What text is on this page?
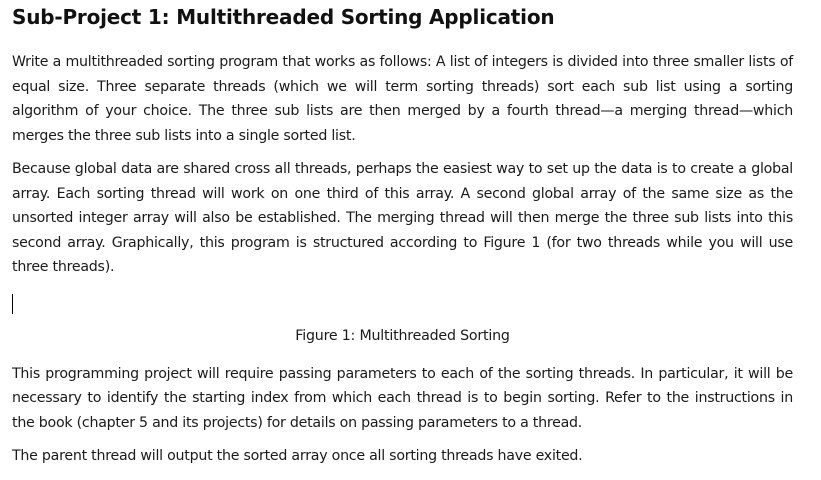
Sub-Project 1: Multithreaded Sorting Application

Write a multithreaded sorting program that works as follows: A list of integers is divided into three smaller lists of equal size. Three separate threads (which we will term sorting threads) sort each sub list using a sorting algorithm of your choice. The three sub lists are then merged by a fourth thread—a merging thread—which merges the three sub lists into a single sorted list.

Because global data are shared cross all threads, perhaps the easiest way to set up the data is to create a global array. Each sorting thread will work on one third of this array. A second global array of the same size as the unsorted integer array will also be established. The merging thread will then merge the three sub lists into this second array. Graphically, this program is structured according to Figure 1 (for two threads while you will use three threads).

Figure 1: Multithreaded Sorting

This programming project will require passing parameters to each of the sorting threads. In particular, it will be necessary to identify the starting index from which each thread is to begin sorting. Refer to the instructions in the book (chapter 5 and its projects) for details on passing parameters to a thread.

The parent thread will output the sorted array once all sorting threads have exited.
